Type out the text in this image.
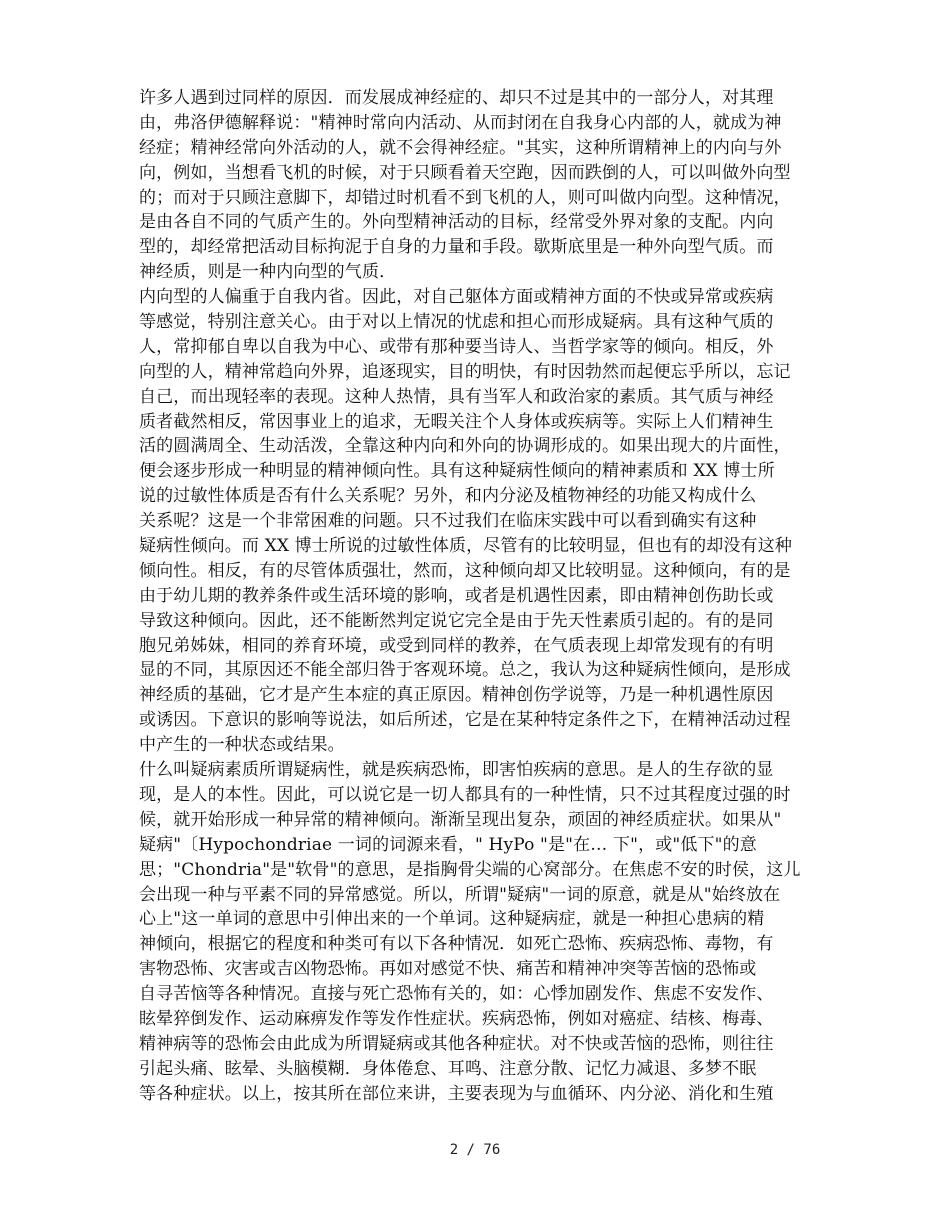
许多人遇到过同样的原因．而发展成神经症的、却只不过是其中的一部分人，对其理
由，弗洛伊德解释说："精神时常向内活动、从而封闭在自我身心内部的人，就成为神
经症；精神经常向外活动的人，就不会得神经症。"其实，这种所谓精神上的内向与外
向，例如，当想看飞机的时候，对于只顾看着天空跑，因而跌倒的人，可以叫做外向型
的；而对于只顾注意脚下，却错过时机看不到飞机的人，则可叫做内向型。这种情况，
是由各自不同的气质产生的。外向型精神活动的目标，经常受外界对象的支配。内向
型的，却经常把活动目标拘泥于自身的力量和手段。歇斯底里是一种外向型气质。而
神经质，则是一种内向型的气质．
内向型的人偏重于自我内省。因此，对自己躯体方面或精神方面的不快或异常或疾病
等感觉，特别注意关心。由于对以上情况的忧虑和担心而形成疑病。具有这种气质的
人，常抑郁自卑以自我为中心、或带有那种要当诗人、当哲学家等的倾向。相反，外
向型的人，精神常趋向外界，追逐现实，目的明快，有时因勃然而起便忘乎所以，忘记
自己，而出现轻率的表现。这种人热情，具有当军人和政治家的素质。其气质与神经
质者截然相反，常因事业上的追求，无暇关注个人身体或疾病等。实际上人们精神生
活的圆满周全、生动活泼，全靠这种内向和外向的协调形成的。如果出现大的片面性，
便会逐步形成一种明显的精神倾向性。具有这种疑病性倾向的精神素质和 XX 博士所
说的过敏性体质是否有什么关系呢？另外，和内分泌及植物神经的功能又构成什么
关系呢？这是一个非常困难的问题。只不过我们在临床实践中可以看到确实有这种
疑病性倾向。而 XX 博士所说的过敏性体质，尽管有的比较明显，但也有的却没有这种
倾向性。相反，有的尽管体质强壮，然而，这种倾向却又比较明显。这种倾向，有的是
由于幼儿期的教养条件或生活环境的影响，或者是机遇性因素，即由精神创伤助长或
导致这种倾向。因此，还不能断然判定说它完全是由于先天性素质引起的。有的是同
胞兄弟姊妹，相同的养育环境，或受到同样的教养，在气质表现上却常发现有的有明
显的不同，其原因还不能全部归咎于客观环境。总之，我认为这种疑病性倾向，是形成
神经质的基础，它才是产生本症的真正原因。精神创伤学说等，乃是一种机遇性原因
或诱因。下意识的影响等说法，如后所述，它是在某种特定条件之下，在精神活动过程
中产生的一种状态或结果。
什么叫疑病素质所谓疑病性，就是疾病恐怖，即害怕疾病的意思。是人的生存欲的显
现，是人的本性。因此，可以说它是一切人都具有的一种性情，只不过其程度过强的时
候，就开始形成一种异常的精神倾向。渐渐呈现出复杂，顽固的神经质症状。如果从"
疑病"〔Hypochondriae 一词的词源来看，" HyPo "是"在… 下"，或"低下"的意
思；"Chondria"是"软骨"的意思，是指胸骨尖端的心窝部分。在焦虑不安的时侯，这儿
会出现一种与平素不同的异常感觉。所以，所谓"疑病"一词的原意，就是从"始终放在
心上"这一单词的意思中引伸出来的一个单词。这种疑病症，就是一种担心患病的精
神倾向，根据它的程度和种类可有以下各种情况．如死亡恐怖、疾病恐怖、毒物，有
害物恐怖、灾害或吉凶物恐怖。再如对感觉不快、痛苦和精神冲突等苦恼的恐怖或
自寻苦恼等各种情况。直接与死亡恐怖有关的，如：心悸加剧发作、焦虑不安发作、
眩晕猝倒发作、运动麻痹发作等发作性症状。疾病恐怖，例如对癌症、结核、梅毒、
精神病等的恐怖会由此成为所谓疑病或其他各种症状。对不快或苦恼的恐怖，则往往
引起头痛、眩晕、头脑模糊．身体倦怠、耳鸣、注意分散、记忆力减退、多梦不眠
等各种症状。以上，按其所在部位来讲，主要表现为与血循环、内分泌、消化和生殖
2 / 76
